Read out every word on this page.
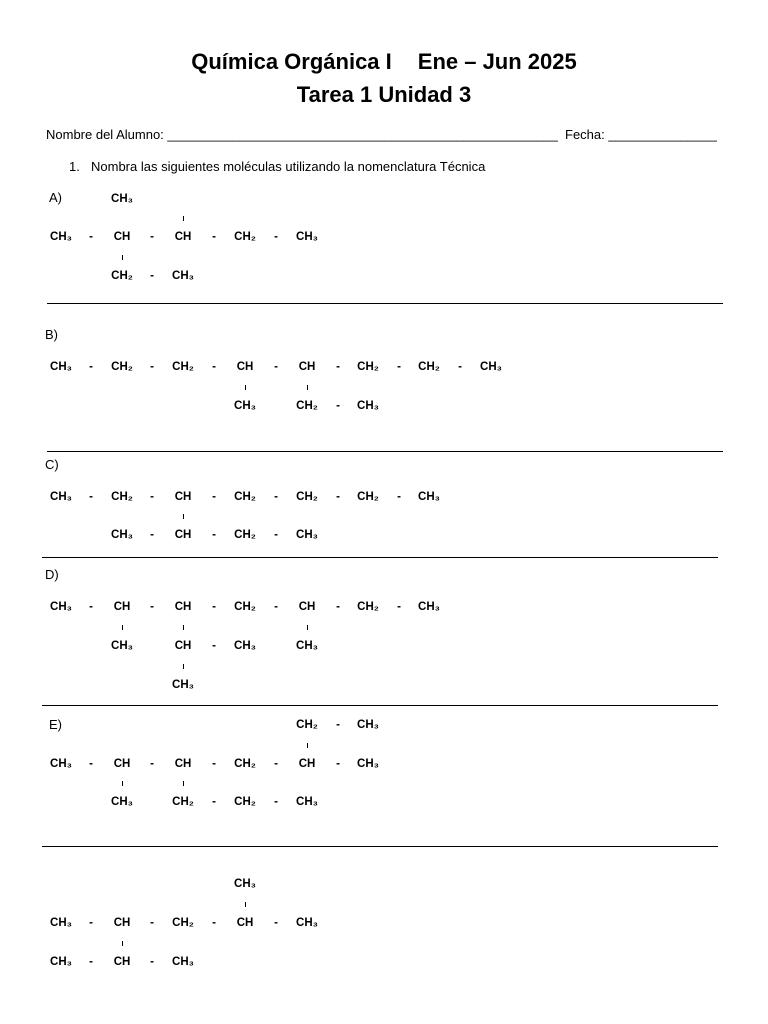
Química Orgánica I Ene – Jun 2025
Tarea 1 Unidad 3
Nombre del Alumno: ______________________________________________________ Fecha: _______________
1. Nombra las siguientes moléculas utilizando la nomenclatura Técnica
A)
B)
C)
D)
E)
CH₃
CH₃ - CH - CH - CH₂ - CH₃
CH₂ - CH₃
CH₃ - CH₂ - CH₂ - CH - CH - CH₂ - CH₂ - CH₃
CH₃	CH₂ - CH₃
CH₃ - CH₂ - CH - CH₂ - CH₂ - CH₂ - CH₃
CH₃ - CH - CH₂ - CH₃
CH₃ - CH - CH - CH₂ - CH - CH₂ - CH₃
CH₃	CH - CH₃	CH₃
CH₃
CH₂ - CH₃
CH₃ - CH - CH - CH₂ - CH - CH₃
CH₃	CH₂ - CH₂ - CH₃
CH₃
CH₃ - CH - CH₂ - CH - CH₃
CH₃ - CH - CH₃
